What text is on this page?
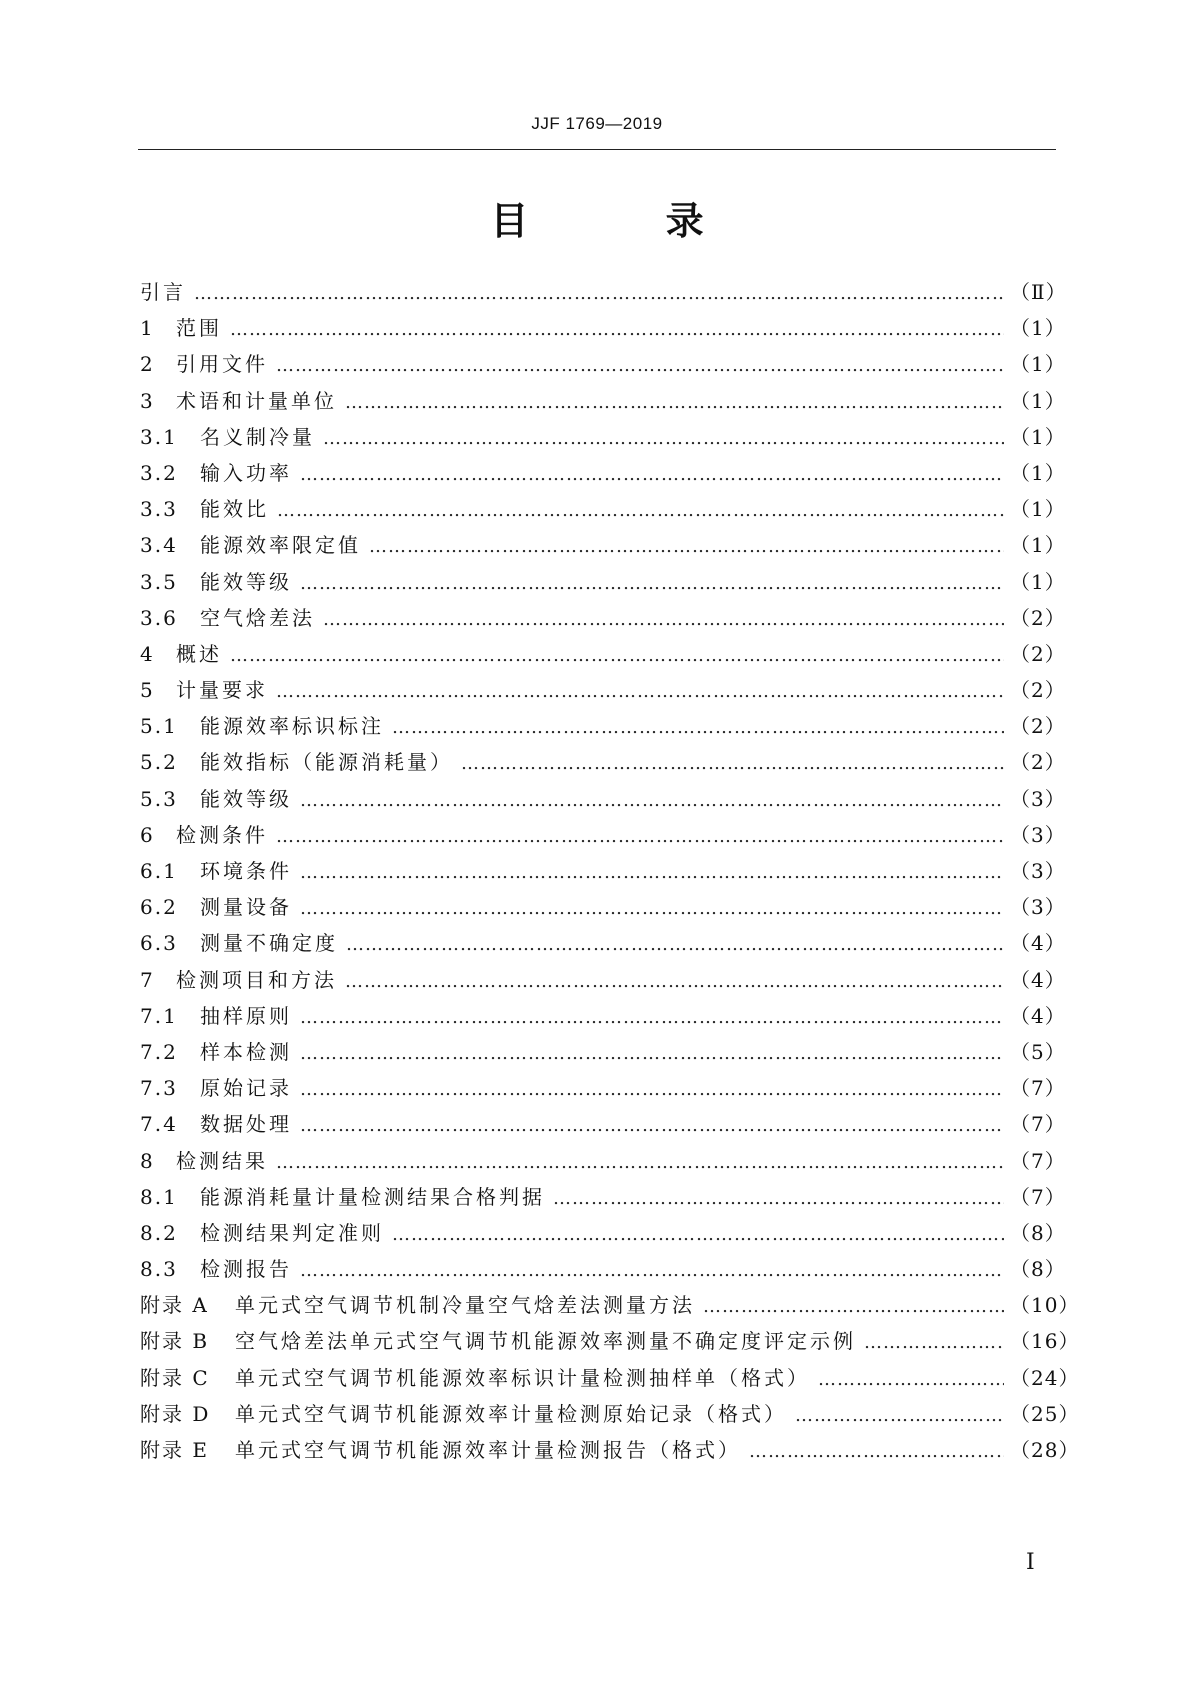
JJF 1769—2019
目 录
引言 ………………………………………………………………………………………………………………………………………………………………………………………………	（Ⅱ）
1	范围 ………………………………………………………………………………………………………………………………………………………………………………………………	（1）
2	引用文件 ………………………………………………………………………………………………………………………………………………………………………………………………	（1）
3	术语和计量单位 ………………………………………………………………………………………………………………………………………………………………………………………………	（1）
3.1	名义制冷量 ………………………………………………………………………………………………………………………………………………………………………………………………	（1）
3.2	输入功率 ………………………………………………………………………………………………………………………………………………………………………………………………	（1）
3.3	能效比 ………………………………………………………………………………………………………………………………………………………………………………………………	（1）
3.4	能源效率限定值 ………………………………………………………………………………………………………………………………………………………………………………………………	（1）
3.5	能效等级 ………………………………………………………………………………………………………………………………………………………………………………………………	（1）
3.6	空气焓差法 ………………………………………………………………………………………………………………………………………………………………………………………………	（2）
4	概述 ………………………………………………………………………………………………………………………………………………………………………………………………	（2）
5	计量要求 ………………………………………………………………………………………………………………………………………………………………………………………………	（2）
5.1	能源效率标识标注 ………………………………………………………………………………………………………………………………………………………………………………………………	（2）
5.2	能效指标（能源消耗量） ………………………………………………………………………………………………………………………………………………………………………………………………	（2）
5.3	能效等级 ………………………………………………………………………………………………………………………………………………………………………………………………	（3）
6	检测条件 ………………………………………………………………………………………………………………………………………………………………………………………………	（3）
6.1	环境条件 ………………………………………………………………………………………………………………………………………………………………………………………………	（3）
6.2	测量设备 ………………………………………………………………………………………………………………………………………………………………………………………………	（3）
6.3	测量不确定度 ………………………………………………………………………………………………………………………………………………………………………………………………	（4）
7	检测项目和方法 ………………………………………………………………………………………………………………………………………………………………………………………………	（4）
7.1	抽样原则 ………………………………………………………………………………………………………………………………………………………………………………………………	（4）
7.2	样本检测 ………………………………………………………………………………………………………………………………………………………………………………………………	（5）
7.3	原始记录 ………………………………………………………………………………………………………………………………………………………………………………………………	（7）
7.4	数据处理 ………………………………………………………………………………………………………………………………………………………………………………………………	（7）
8	检测结果 ………………………………………………………………………………………………………………………………………………………………………………………………	（7）
8.1	能源消耗量计量检测结果合格判据 ………………………………………………………………………………………………………………………………………………………………………………………………	（7）
8.2	检测结果判定准则 ………………………………………………………………………………………………………………………………………………………………………………………………	（8）
8.3	检测报告 ………………………………………………………………………………………………………………………………………………………………………………………………	（8）
附录 A	单元式空气调节机制冷量空气焓差法测量方法 ………………………………………………………………………………………………………………………………………………………………………………………………	（10）
附录 B	空气焓差法单元式空气调节机能源效率测量不确定度评定示例 ………………………………………………………………………………………………………………………………………………………………………………………………	（16）
附录 C	单元式空气调节机能源效率标识计量检测抽样单（格式） ………………………………………………………………………………………………………………………………………………………………………………………………	（24）
附录 D	单元式空气调节机能源效率计量检测原始记录（格式） ………………………………………………………………………………………………………………………………………………………………………………………………	（25）
附录 E	单元式空气调节机能源效率计量检测报告（格式） ………………………………………………………………………………………………………………………………………………………………………………………………	（28）
Ⅰ
